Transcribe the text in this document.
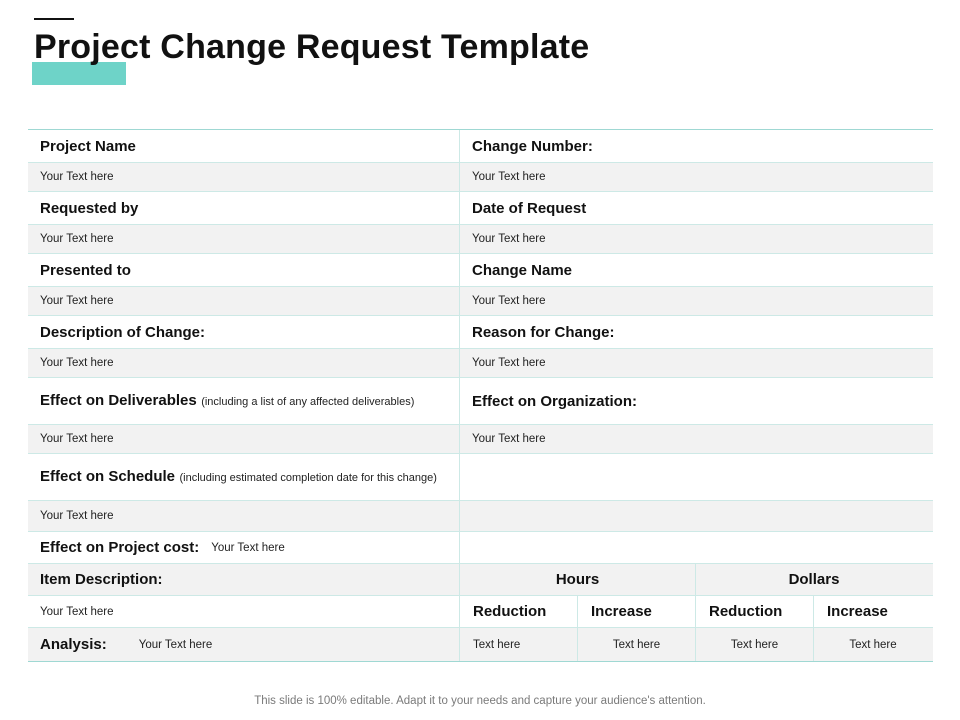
Project Change Request Template
Project Name	Change Number:
Your Text here	Your Text here
Requested by	Date of Request
Your Text here	Your Text here
Presented to	Change Name
Your Text here	Your Text here
Description of Change:	Reason for Change:
Your Text here	Your Text here
Effect on Deliverables (including a list of any affected deliverables)	Effect on Organization:
Your Text here	Your Text here
Effect on Schedule (including estimated completion date for this change)
Your Text here
Effect on Project cost: Your Text here
Item Description:	Hours	Dollars
Your Text here	Reduction	Increase	Reduction	Increase
Analysis:	Your Text here	Text here	Text here	Text here	Text here
This slide is 100% editable. Adapt it to your needs and capture your audience's attention.
